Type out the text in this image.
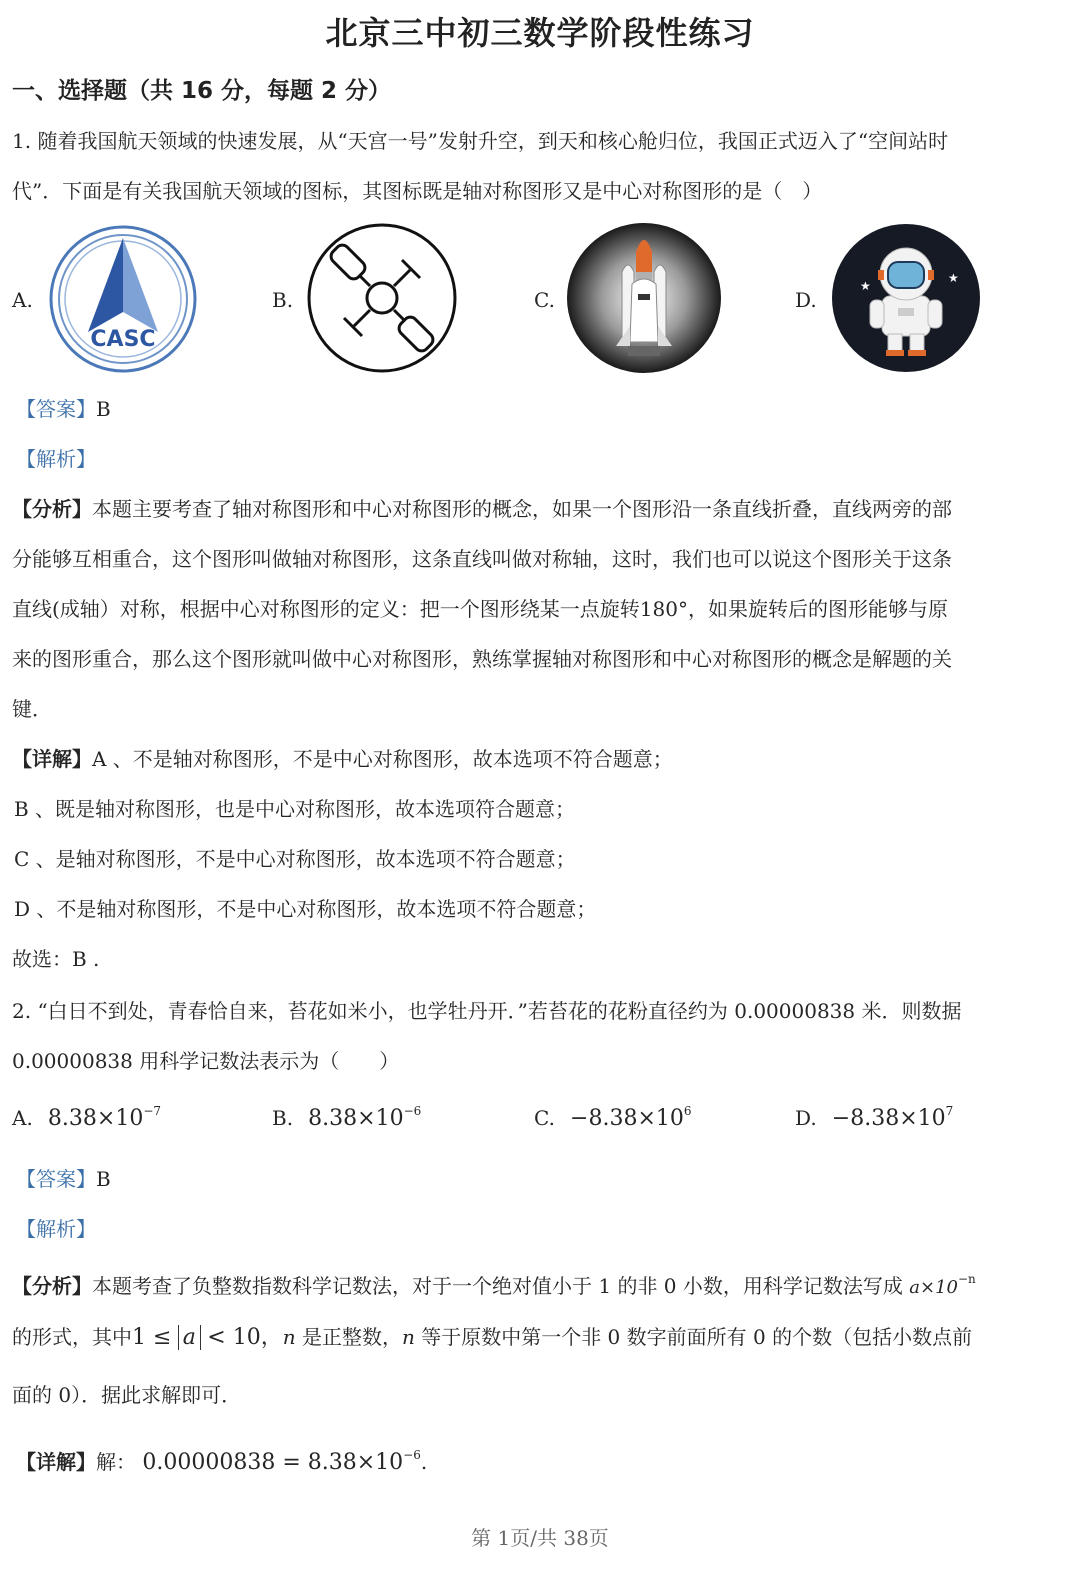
北京三中初三数学阶段性练习
一、选择题（共 16 分，每题 2 分）
1. 随着我国航天领域的快速发展，从“天宫一号”发射升空，到天和核心舱归位，我国正式迈入了“空间站时
代”．下面是有关我国航天领域的图标，其图标既是轴对称图形又是中心对称图形的是（　）
A.	B.	C.	D.
CASC
★
★
【答案】B
【解析】
【分析】本题主要考查了轴对称图形和中心对称图形的概念，如果一个图形沿一条直线折叠，直线两旁的部
分能够互相重合，这个图形叫做轴对称图形，这条直线叫做对称轴，这时，我们也可以说这个图形关于这条
直线(成轴）对称，根据中心对称图形的定义：把一个图形绕某一点旋转180°，如果旋转后的图形能够与原
来的图形重合，那么这个图形就叫做中心对称图形，熟练掌握轴对称图形和中心对称图形的概念是解题的关
键．
【详解】A 、不是轴对称图形，不是中心对称图形，故本选项不符合题意；
B 、既是轴对称图形，也是中心对称图形，故本选项符合题意；
C 、是轴对称图形，不是中心对称图形，故本选项不符合题意；
D 、不是轴对称图形，不是中心对称图形，故本选项不符合题意；
故选：B .
2. “白日不到处，青春恰自来，苔花如米小，也学牡丹开．”若苔花的花粉直径约为 0.00000838 米．则数据
0.00000838 用科学记数法表示为（　　）
A. $8.38\times 10^{-7}$	B. $8.38\times 10^{-6}$	C. $-8.38\times 10^6$	D. $-8.38\times 10^7$
【答案】B
【解析】
【分析】本题考查了负整数指数科学记数法，对于一个绝对值小于 1 的非 0 小数，用科学记数法写成 $a\times 10^{-n}$
的形式，其中1 ≤ a < 10，n 是正整数，n 等于原数中第一个非 0 数字前面所有 0 的个数（包括小数点前
面的 0）．据此求解即可．
【详解】解： $0.00000838 = 8.38\times 10^{-6}$.
第 1页/共 38页
